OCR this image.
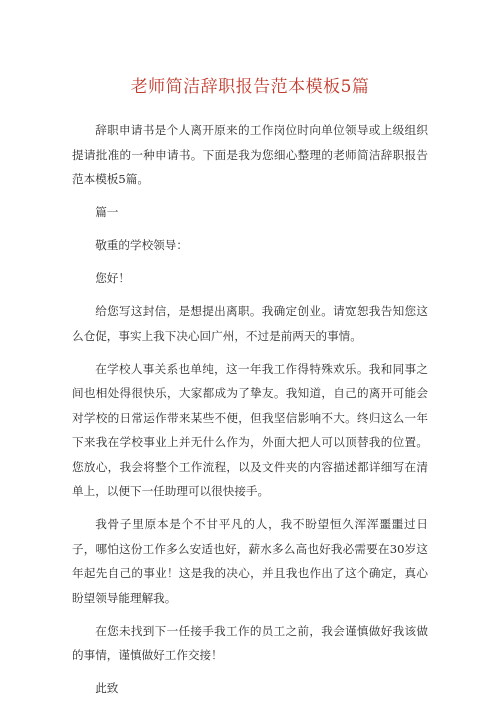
老师简洁辞职报告范本模板5篇

辞职申请书是个人离开原来的工作岗位时向单位领导或上级组织提请批准的一种申请书。下面是我为您细心整理的老师简洁辞职报告范本模板5篇。

篇一

敬重的学校领导：

您好！

给您写这封信，是想提出离职。我确定创业。请宽恕我告知您这么仓促，事实上我下决心回广州，不过是前两天的事情。

在学校人事关系也单纯，这一年我工作得特殊欢乐。我和同事之间也相处得很快乐，大家都成为了挚友。我知道，自己的离开可能会对学校的日常运作带来某些不便，但我坚信影响不大。终归这么一年下来我在学校事业上并无什么作为，外面大把人可以顶替我的位置。您放心，我会将整个工作流程，以及文件夹的内容描述都详细写在清单上，以便下一任助理可以很快接手。

我骨子里原本是个不甘平凡的人，我不盼望恒久浑浑噩噩过日子，哪怕这份工作多么安适也好，薪水多么高也好我必需要在30岁这年起先自己的事业！这是我的决心，并且我也作出了这个确定，真心盼望领导能理解我。

在您未找到下一任接手我工作的员工之前，我会谨慎做好我该做的事情，谨慎做好工作交接！

此致
